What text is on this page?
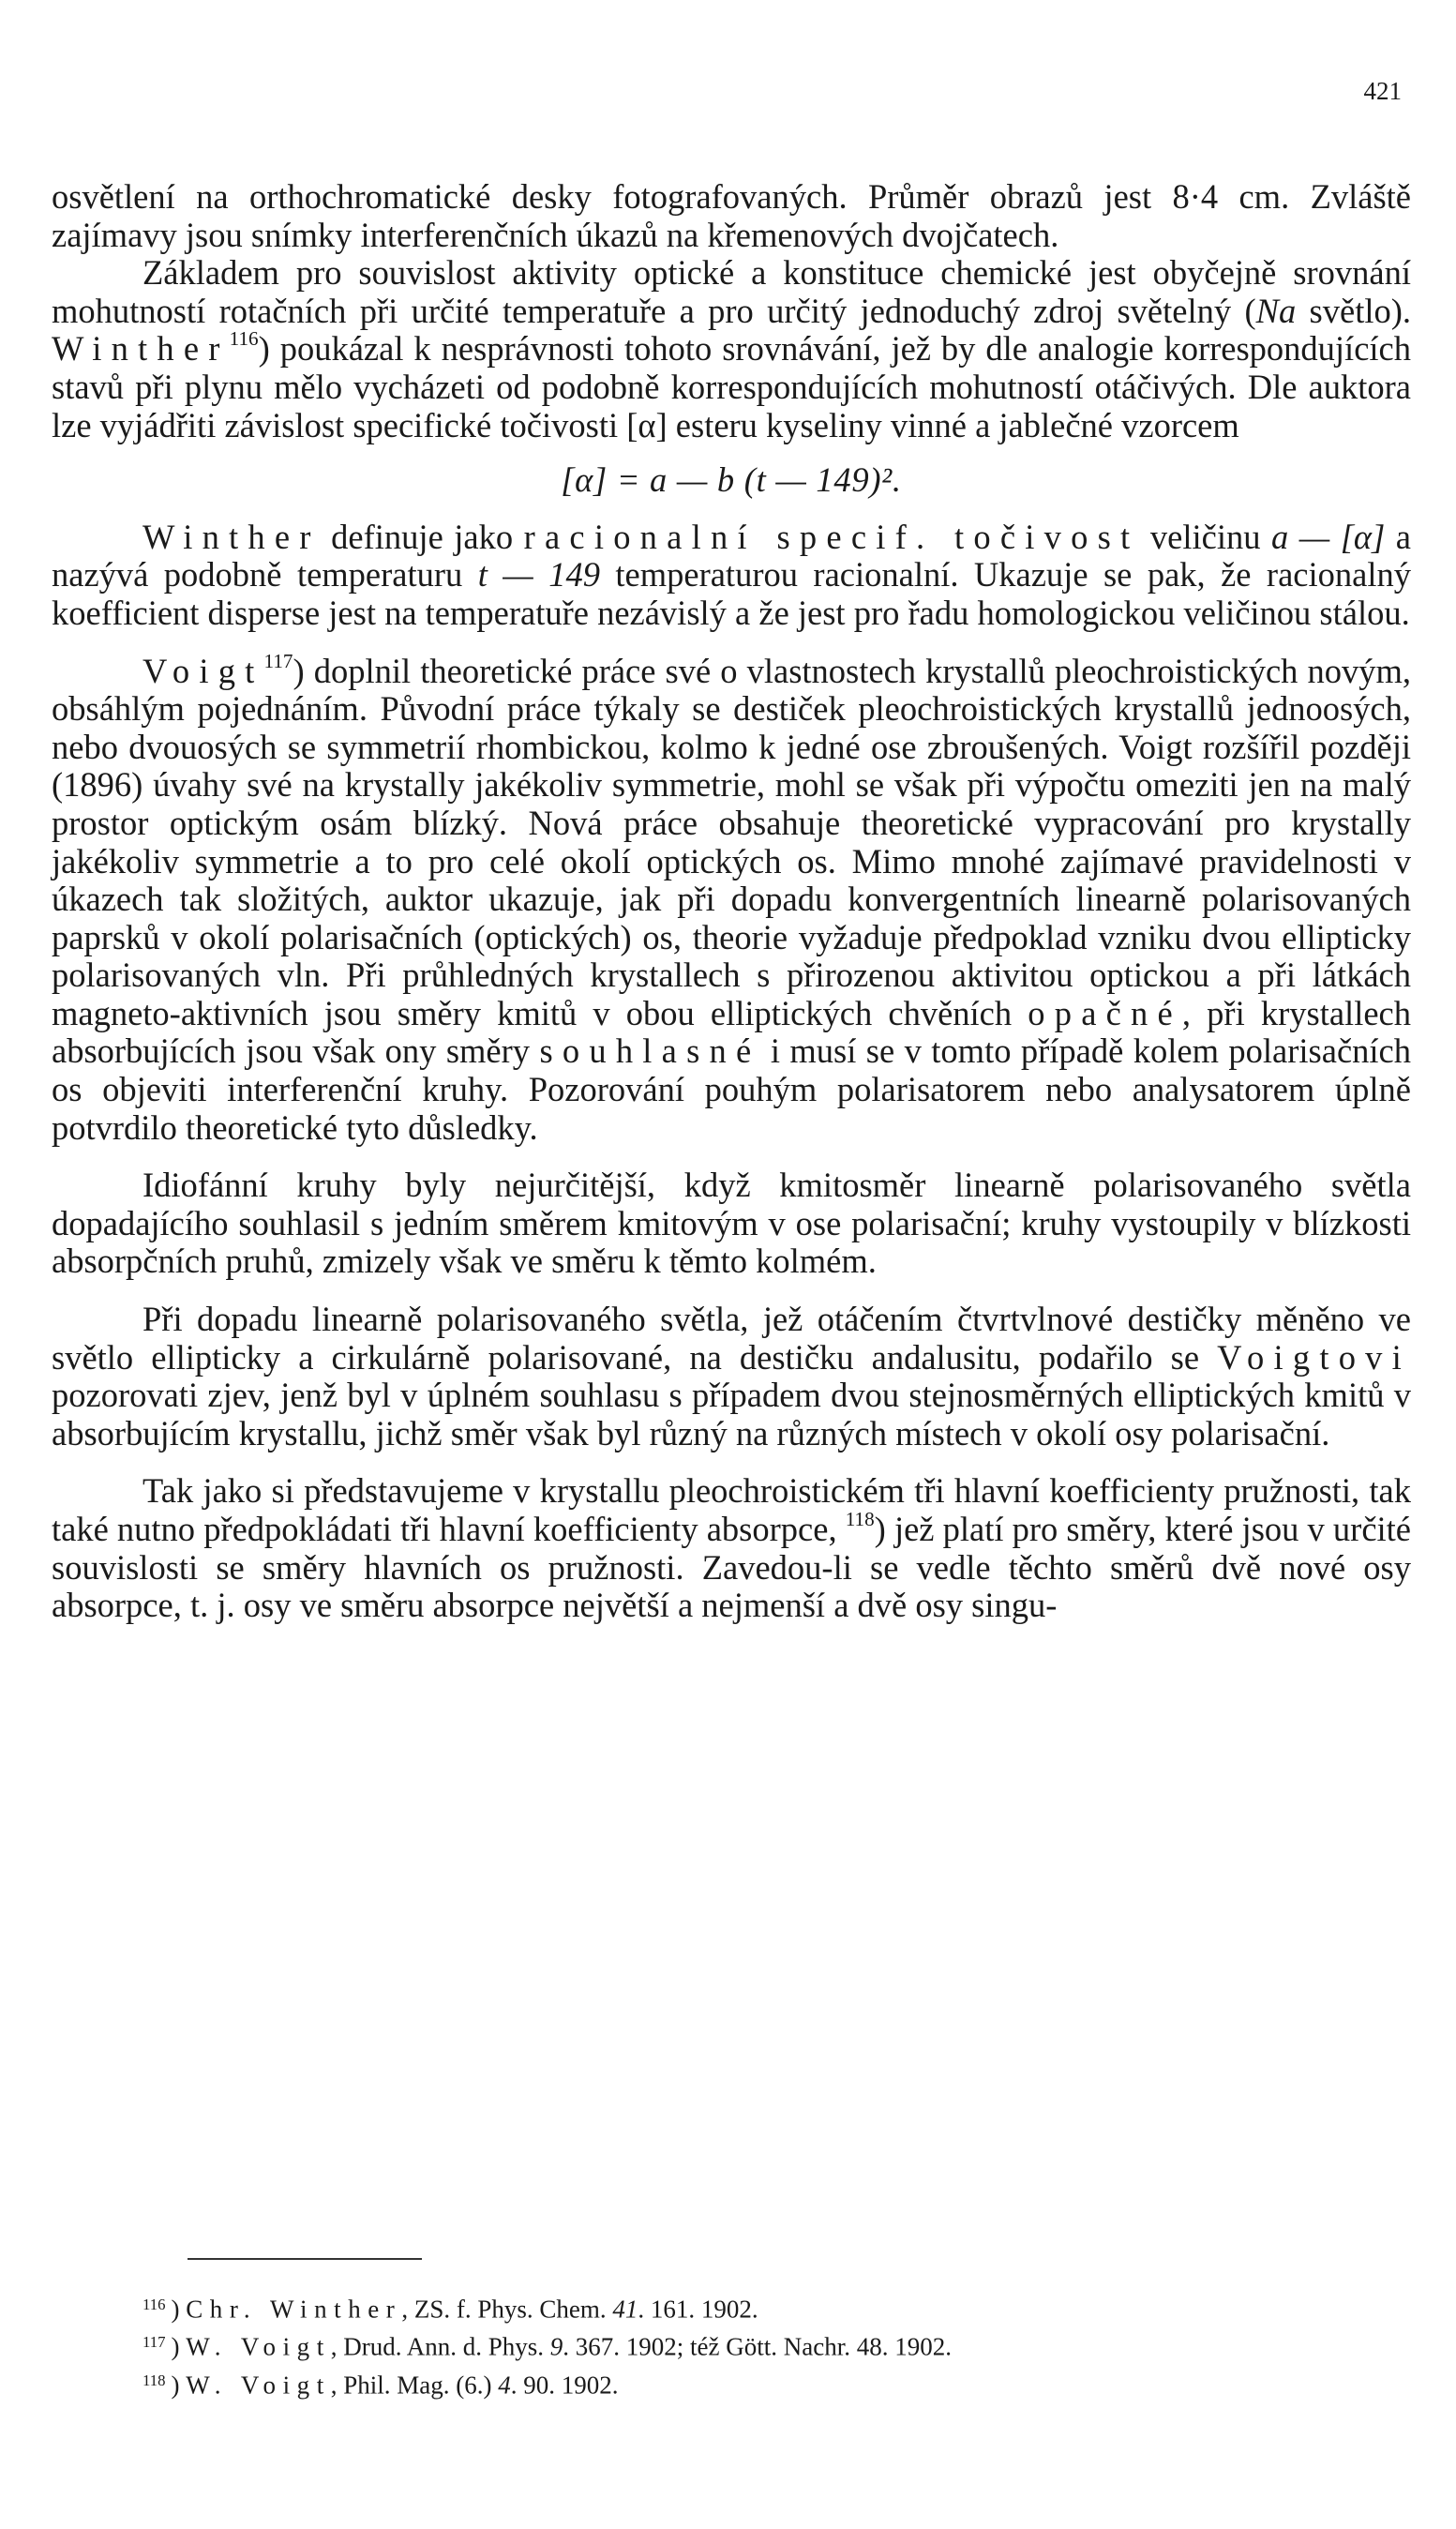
421

osvětlení na orthochromatické desky fotografovaných. Průměr obrazů jest 8·4 cm. Zvláště zajímavy jsou snímky interferenčních úkazů na křemenových dvojčatech.

Základem pro souvislost aktivity optické a konstituce chemické jest obyčejně srovnání mohutností rotačních při určité temperatuře a pro určitý jednoduchý zdroj světelný (Na světlo). Winther$^{116}$) poukázal k nesprávnosti tohoto srovnávání, jež by dle analogie korrespondujících stavů při plynu mělo vycházeti od podobně korrespondujících mohutností otáčivých. Dle auktora lze vyjádřiti závislost specifické točivosti [α] esteru kyseliny vinné a jablečné vzorcem

[α] = a — b (t — 149)².

Winther definuje jako racionalní specif. točivost veličinu a — [α] a nazývá podobně temperaturu t — 149 temperaturou racionalní. Ukazuje se pak, že racionalný koefficient disperse jest na temperatuře nezávislý a že jest pro řadu homologickou veličinou stálou.

Voigt$^{117}$) doplnil theoretické práce své o vlastnostech krystallů pleochroistických novým, obsáhlým pojednáním. Původní práce týkaly se destiček pleochroistických krystallů jednoosých, nebo dvouosých se symmetrií rhombickou, kolmo k jedné ose zbroušených. Voigt rozšířil později (1896) úvahy své na krystally jakékoliv symmetrie, mohl se však při výpočtu omeziti jen na malý prostor optickým osám blízký. Nová práce obsahuje theoretické vypracování pro krystally jakékoliv symmetrie a to pro celé okolí optických os. Mimo mnohé zajímavé pravidelnosti v úkazech tak složitých, auktor ukazuje, jak při dopadu konvergentních linearně polarisovaných paprsků v okolí polarisačních (optických) os, theorie vyžaduje předpoklad vzniku dvou ellipticky polarisovaných vln. Při průhledných krystallech s přirozenou aktivitou optickou a při látkách magneto-aktivních jsou směry kmitů v obou elliptických chvěních opačné, při krystallech absorbujících jsou však ony směry souhlasné i musí se v tomto případě kolem polarisačních os objeviti interferenční kruhy. Pozorování pouhým polarisatorem nebo analysatorem úplně potvrdilo theoretické tyto důsledky.

Idiofánní kruhy byly nejurčitější, když kmitosměr linearně polarisovaného světla dopadajícího souhlasil s jedním směrem kmitovým v ose polarisační; kruhy vystoupily v blízkosti absorpčních pruhů, zmizely však ve směru k těmto kolmém.

Při dopadu linearně polarisovaného světla, jež otáčením čtvrtvlnové destičky měněno ve světlo ellipticky a cirkulárně polarisované, na destičku andalusitu, podařilo se Voigtovi pozorovati zjev, jenž byl v úplném souhlasu s případem dvou stejnosměrných elliptických kmitů v absorbujícím krystallu, jichž směr však byl různý na různých místech v okolí osy polarisační.

Tak jako si představujeme v krystallu pleochroistickém tři hlavní koefficienty pružnosti, tak také nutno předpokládati tři hlavní koefficienty absorpce, $^{118}$) jež platí pro směry, které jsou v určité souvislosti se směry hlavních os pružnosti. Zavedou-li se vedle těchto směrů dvě nové osy absorpce, t. j. osy ve směru absorpce největší a nejmenší a dvě osy singu-

$^{116}$ ) Chr. Winther, ZS. f. Phys. Chem. 41. 161. 1902.
$^{117}$ ) W. Voigt, Drud. Ann. d. Phys. 9. 367. 1902; též Gött. Nachr. 48. 1902.
$^{118}$ ) W. Voigt, Phil. Mag. (6.) 4. 90. 1902.
